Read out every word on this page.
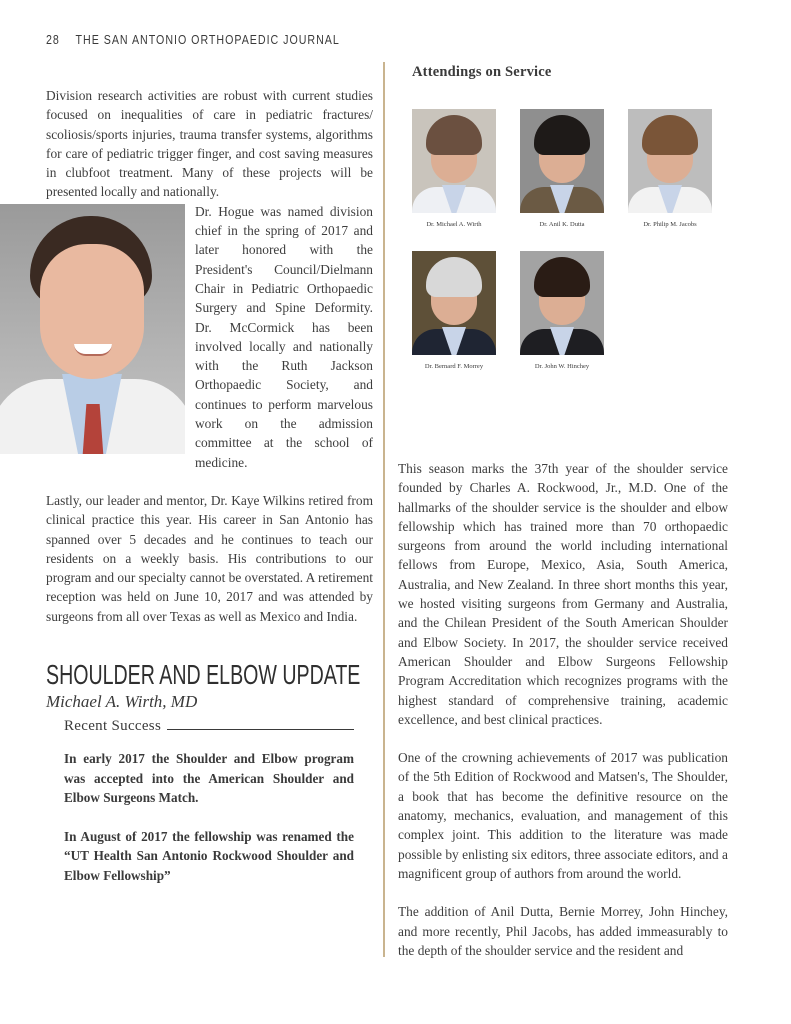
28 THE SAN ANTONIO ORTHOPAEDIC JOURNAL

Division research activities are robust with current studies focused on inequalities of care in pediatric fractures/ scoliosis/sports injuries, trauma transfer systems, algorithms for care of pediatric trigger finger, and cost saving measures in clubfoot treatment. Many of these projects will be presented locally and nationally.

Dr. Hogue was named division chief in the spring of 2017 and later honored with the President's Council/Dielmann Chair in Pediatric Orthopaedic Surgery and Spine Deformity. Dr. McCormick has been involved locally and nationally with the Ruth Jackson Orthopaedic Society, and continues to perform marvelous work on the admission committee at the school of medicine.

Lastly, our leader and mentor, Dr. Kaye Wilkins retired from clinical practice this year. His career in San Antonio has spanned over 5 decades and he continues to teach our residents on a weekly basis. His contributions to our program and our specialty cannot be overstated. A retirement reception was held on June 10, 2017 and was attended by surgeons from all over Texas as well as Mexico and India.

SHOULDER AND ELBOW UPDATE
Michael A. Wirth, MD
Recent Success

In early 2017 the Shoulder and Elbow program was accepted into the American Shoulder and Elbow Surgeons Match.

In August of 2017 the fellowship was renamed the “UT Health San Antonio Rockwood Shoulder and Elbow Fellowship”

Attendings on Service
Dr. Michael A. Wirth	Dr. Anil K. Dutta	Dr. Philip M. Jacobs
Dr. Bernard F. Morrey	Dr. John W. Hinchey

This season marks the 37th year of the shoulder service founded by Charles A. Rockwood, Jr., M.D. One of the hallmarks of the shoulder service is the shoulder and elbow fellowship which has trained more than 70 orthopaedic surgeons from around the world including international fellows from Europe, Mexico, Asia, South America, Australia, and New Zealand. In three short months this year, we hosted visiting surgeons from Germany and Australia, and the Chilean President of the South American Shoulder and Elbow Society. In 2017, the shoulder service received American Shoulder and Elbow Surgeons Fellowship Program Accreditation which recognizes programs with the highest standard of comprehensive training, academic excellence, and best clinical practices.

One of the crowning achievements of 2017 was publication of the 5th Edition of Rockwood and Matsen's, The Shoulder, a book that has become the definitive resource on the anatomy, mechanics, evaluation, and management of this complex joint. This addition to the literature was made possible by enlisting six editors, three associate editors, and a magnificent group of authors from around the world.

The addition of Anil Dutta, Bernie Morrey, John Hinchey, and more recently, Phil Jacobs, has added immeasurably to the depth of the shoulder service and the resident and
